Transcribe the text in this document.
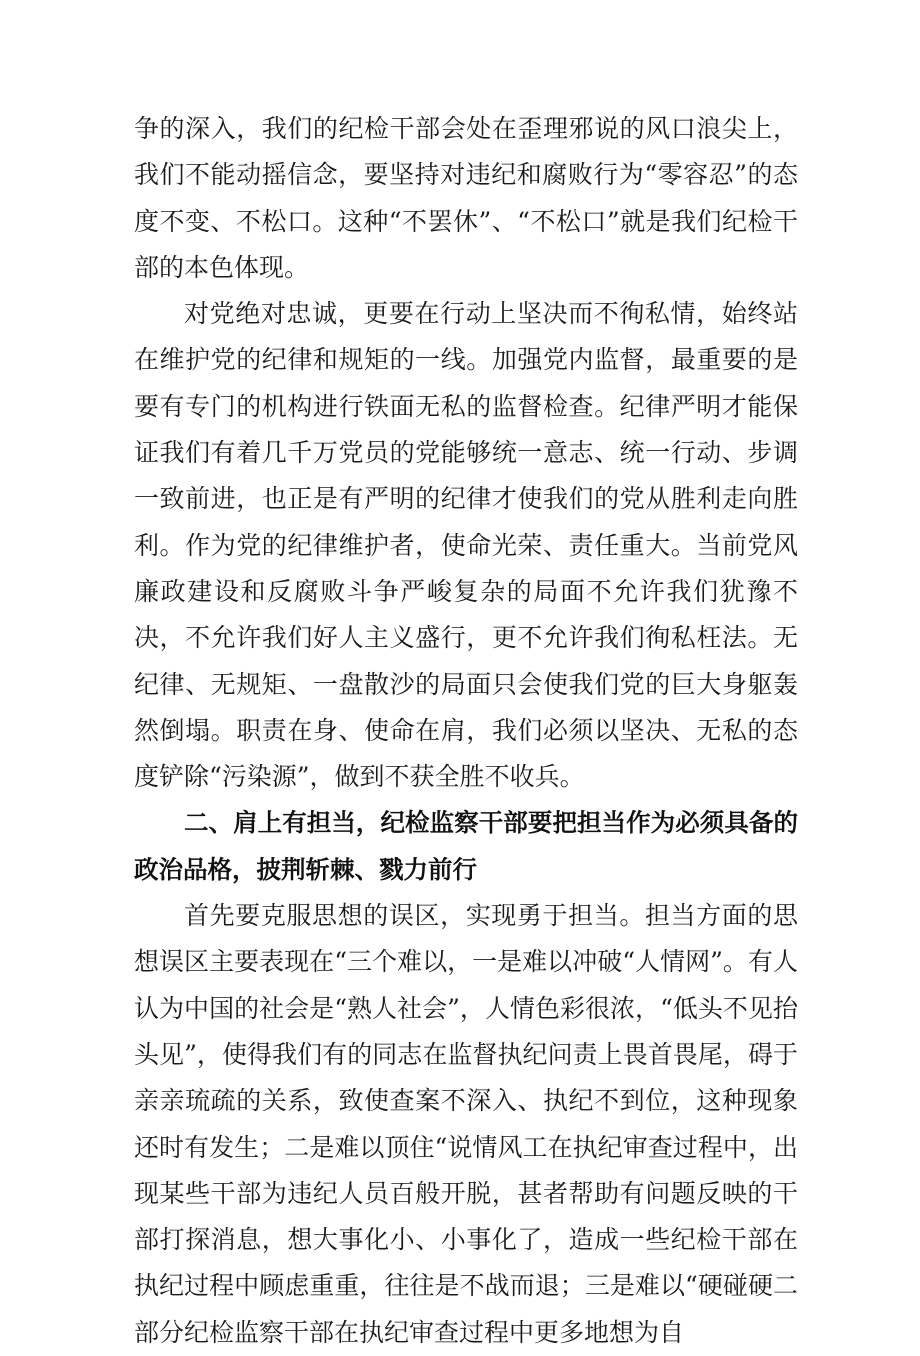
争的深入，我们的纪检干部会处在歪理邪说的风口浪尖上，我们不能动摇信念，要坚持对违纪和腐败行为“零容忍”的态度不变、不松口。这种“不罢休”、“不松口”就是我们纪检干部的本色体现。

对党绝对忠诚，更要在行动上坚决而不徇私情，始终站在维护党的纪律和规矩的一线。加强党内监督，最重要的是要有专门的机构进行铁面无私的监督检查。纪律严明才能保证我们有着几千万党员的党能够统一意志、统一行动、步调一致前进，也正是有严明的纪律才使我们的党从胜利走向胜利。作为党的纪律维护者，使命光荣、责任重大。当前党风廉政建设和反腐败斗争严峻复杂的局面不允许我们犹豫不决，不允许我们好人主义盛行，更不允许我们徇私枉法。无纪律、无规矩、一盘散沙的局面只会使我们党的巨大身躯轰然倒塌。职责在身、使命在肩，我们必须以坚决、无私的态度铲除“污染源”，做到不获全胜不收兵。

二、肩上有担当，纪检监察干部要把担当作为必须具备的政治品格，披荆斩棘、戮力前行

首先要克服思想的误区，实现勇于担当。担当方面的思想误区主要表现在“三个难以，一是难以冲破“人情网”。有人认为中国的社会是“熟人社会”，人情色彩很浓，“低头不见抬头见”，使得我们有的同志在监督执纪问责上畏首畏尾，碍于亲亲琉疏的关系，致使查案不深入、执纪不到位，这种现象还时有发生；二是难以顶住“说情风工在执纪审查过程中，出现某些干部为违纪人员百般开脱，甚者帮助有问题反映的干部打探消息，想大事化小、小事化了，造成一些纪检干部在执纪过程中顾虑重重，往往是不战而退；三是难以“硬碰硬二部分纪检监察干部在执纪审查过程中更多地想为自
